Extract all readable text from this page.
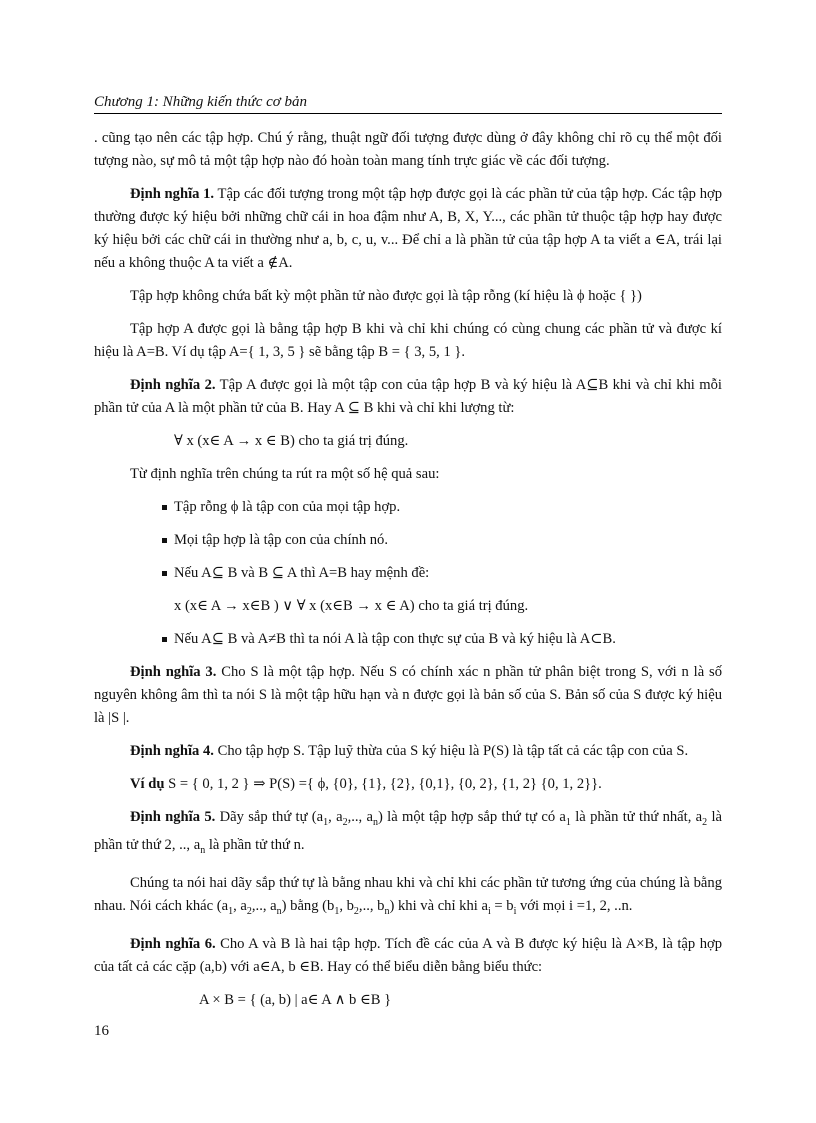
Chương 1: Những kiến thức cơ bản

. cũng tạo nên các tập hợp. Chú ý rằng, thuật ngữ đối tượng được dùng ở đây không chỉ rõ cụ thể một đối tượng nào, sự mô tả một tập hợp nào đó hoàn toàn mang tính trực giác về các đối tượng.

Định nghĩa 1. Tập các đối tượng trong một tập hợp được gọi là các phần tử của tập hợp. Các tập hợp thường được ký hiệu bởi những chữ cái in hoa đậm như A, B, X, Y..., các phần tử thuộc tập hợp hay được ký hiệu bởi các chữ cái in thường như a, b, c, u, v... Để chỉ a là phần tử của tập hợp A ta viết a ∈A, trái lại nếu a không thuộc A ta viết a ∉A.

Tập hợp không chứa bất kỳ một phần tử nào được gọi là tập rỗng (kí hiệu là ϕ hoặc { })

Tập hợp A được gọi là bằng tập hợp B khi và chỉ khi chúng có cùng chung các phần tử và được kí hiệu là A=B. Ví dụ tập A={ 1, 3, 5 } sẽ bằng tập B = { 3, 5, 1 }.

Định nghĩa 2. Tập A được gọi là một tập con của tập hợp B và ký hiệu là A⊆B khi và chỉ khi mỗi phần tử của A là một phần tử của B. Hay A ⊆ B khi và chỉ khi lượng từ:

∀ x (x∈ A → x ∈ B) cho ta giá trị đúng.

Từ định nghĩa trên chúng ta rút ra một số hệ quả sau:

Tập rỗng ϕ là tập con của mọi tập hợp.
Mọi tập hợp là tập con của chính nó.
Nếu A⊆ B và B ⊆ A thì A=B hay mệnh đề:

x (x∈ A → x∈B ) ∨ ∀ x (x∈B → x ∈ A) cho ta giá trị đúng.

Nếu A⊆ B và A≠B thì ta nói A là tập con thực sự của B và ký hiệu là A⊂B.

Định nghĩa 3. Cho S là một tập hợp. Nếu S có chính xác n phần tử phân biệt trong S, với n là số nguyên không âm thì ta nói S là một tập hữu hạn và n được gọi là bản số của S. Bản số của S được ký hiệu là |S |.

Định nghĩa 4. Cho tập hợp S. Tập luỹ thừa của S ký hiệu là P(S) là tập tất cả các tập con của S.

Ví dụ S = { 0, 1, 2 } ⇒ P(S) ={ ϕ, {0}, {1}, {2}, {0,1}, {0, 2}, {1, 2} {0, 1, 2}}.

Định nghĩa 5. Dãy sắp thứ tự ($a_1$, $a_2$,.., $a_n$) là một tập hợp sắp thứ tự có $a_1$ là phần tử thứ nhất, $a_2$ là phần tử thứ 2, .., $a_n$ là phần tử thứ n.

Chúng ta nói hai dãy sắp thứ tự là bằng nhau khi và chỉ khi các phần tử tương ứng của chúng là bằng nhau. Nói cách khác ($a_1$, $a_2$,.., $a_n$) bằng ($b_1$, $b_2$,.., $b_n$) khi và chỉ khi $a_i = b_i$ với mọi i =1, 2, ..n.

Định nghĩa 6. Cho A và B là hai tập hợp. Tích đề các của A và B được ký hiệu là A×B, là tập hợp của tất cả các cặp (a,b) với a∈A, b ∈B. Hay có thể biểu diễn bằng biểu thức:

A × B = { (a, b) | a∈ A ∧ b ∈B }

16
